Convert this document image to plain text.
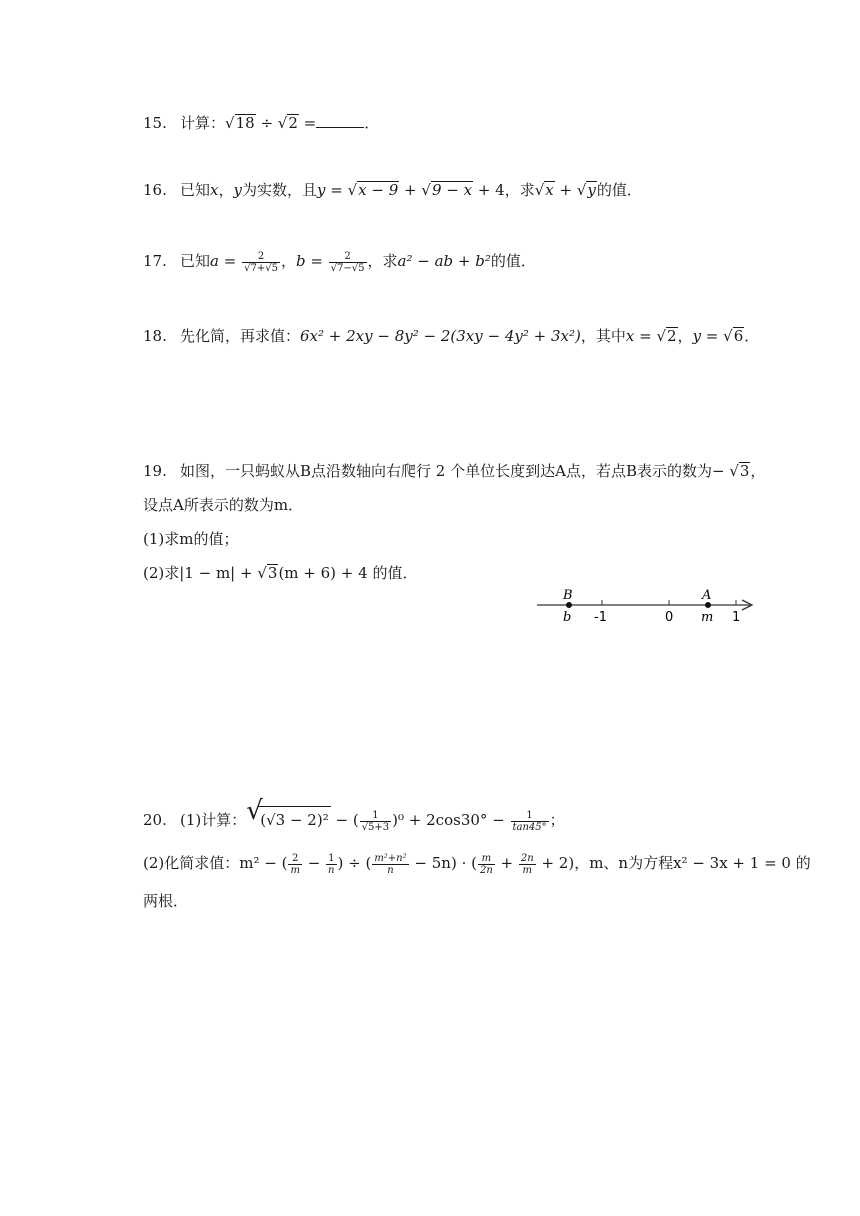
15. 计算：√18 ÷ √2 =	．
16. 已知x，y为实数，且y = √x − 9 + √9 − x + 4，求√x + √y的值．
17. 已知$a = \frac{2}{√7+√5}$ ，$b = \frac{2}{√7-√5}$ ，求a² − ab + b²的值．
18. 先化简，再求值：6x² + 2xy − 8y² − 2(3xy − 4y² + 3x²)，其中x = √2，y = √6．
19. 如图，一只蚂蚁从B点沿数轴向右爬行 2 个单位长度到达A点，若点B表示的数为− √3，
设点A所表示的数为m．
(1)求m的值；
(2)求|1 − m| + √3(m + 6) + 4 的值．
B
b
A
m
-1	0	1
20. (1)计算：√ (√3 − 2)² − ( $\frac{1}{√5+3} )^0 + 2\cos 30^\circ - \frac{1}{\tan 45^\circ}$ ；
(2)化简求值：m² − ( $\frac{2}{m} - \frac{1}{n}$ ) ÷ ( $\frac{\text{m²+n²}}{n} - 5n$) · ( $\frac{m}{2n} + \frac{2n}{m} + 2$)，m、n为方程x² − 3x + 1 = 0 的
两根．
